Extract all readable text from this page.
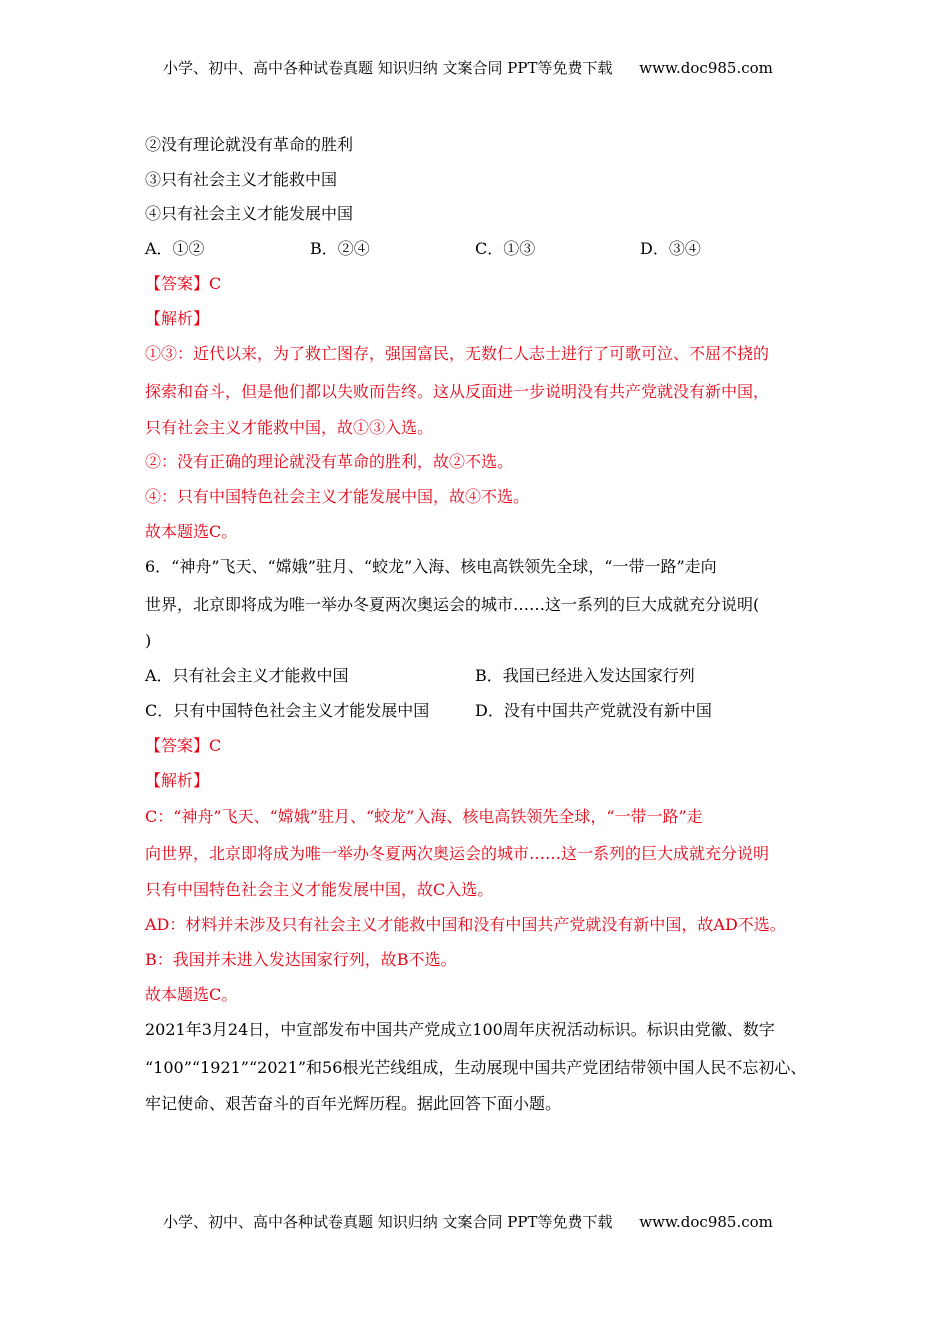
小学、初中、高中各种试卷真题 知识归纳 文案合同 PPT等免费下载 www.doc985.com
②没有理论就没有革命的胜利
③只有社会主义才能救中国
④只有社会主义才能发展中国
A．①②	B．②④	C．①③	D．③④
【答案】C
【解析】
①③：近代以来，为了救亡图存，强国富民，无数仁人志士进行了可歌可泣、不屈不挠的
探索和奋斗，但是他们都以失败而告终。这从反面进一步说明没有共产党就没有新中国，
只有社会主义才能救中国，故①③入选。
②：没有正确的理论就没有革命的胜利，故②不选。
④：只有中国特色社会主义才能发展中国，故④不选。
故本题选C。
6．“神舟”飞天、“嫦娥”驻月、“蛟龙”入海、核电高铁领先全球，“一带一路”走向
世界，北京即将成为唯一举办冬夏两次奥运会的城市……这一系列的巨大成就充分说明(
)
A．只有社会主义才能救中国	B．我国已经进入发达国家行列
C．只有中国特色社会主义才能发展中国	D．没有中国共产党就没有新中国
【答案】C
【解析】
C：“神舟”飞天、“嫦娥”驻月、“蛟龙”入海、核电高铁领先全球，“一带一路”走
向世界，北京即将成为唯一举办冬夏两次奥运会的城市……这一系列的巨大成就充分说明
只有中国特色社会主义才能发展中国，故C入选。
AD：材料并未涉及只有社会主义才能救中国和没有中国共产党就没有新中国，故AD不选。
B：我国并未进入发达国家行列，故B不选。
故本题选C。
2021年3月24日，中宣部发布中国共产党成立100周年庆祝活动标识。标识由党徽、数字
“100”“1921”“2021”和56根光芒线组成，生动展现中国共产党团结带领中国人民不忘初心、
牢记使命、艰苦奋斗的百年光辉历程。据此回答下面小题。
小学、初中、高中各种试卷真题 知识归纳 文案合同 PPT等免费下载 www.doc985.com
